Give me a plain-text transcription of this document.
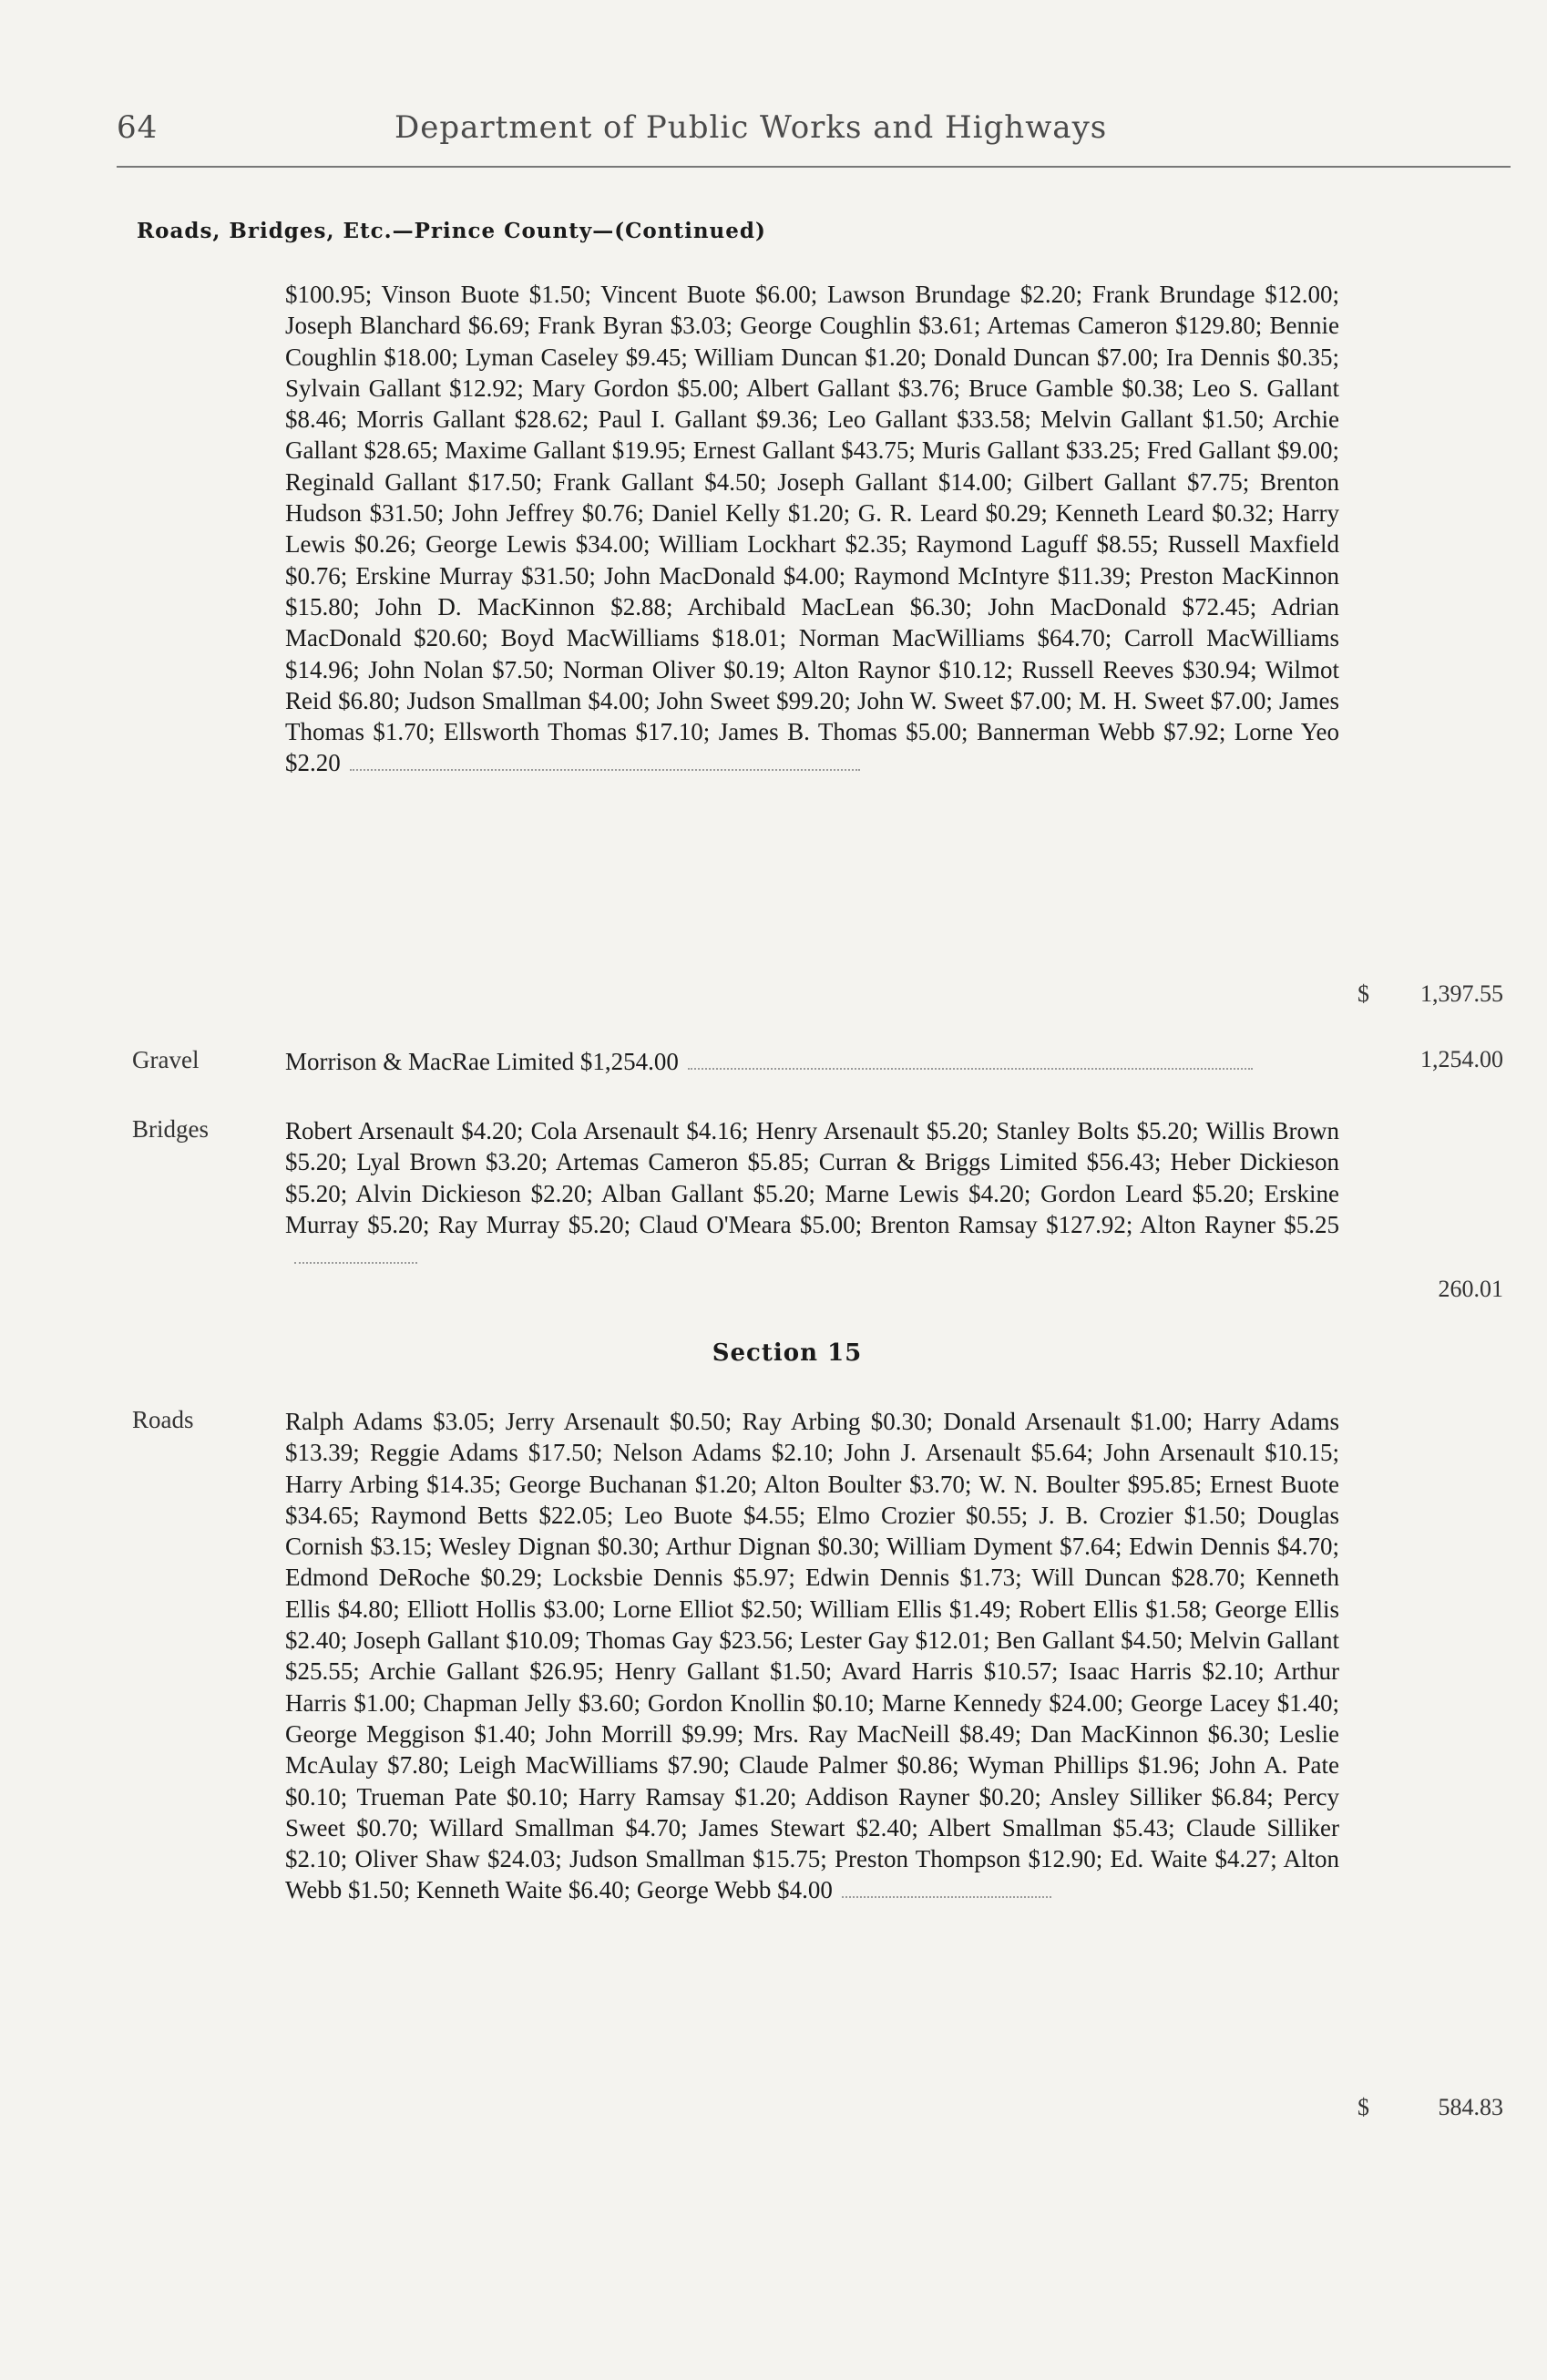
64	Department of Public Works and Highways
Roads, Bridges, Etc.—Prince County—(Continued)
$100.95; Vinson Buote $1.50; Vincent Buote $6.00; Lawson Brundage $2.20; Frank Brundage $12.00; Joseph Blanchard $6.69; Frank Byran $3.03; George Coughlin $3.61; Artemas Cameron $129.80; Bennie Coughlin $18.00; Lyman Caseley $9.45; William Duncan $1.20; Donald Duncan $7.00; Ira Dennis $0.35; Sylvain Gallant $12.92; Mary Gordon $5.00; Albert Gallant $3.76; Bruce Gamble $0.38; Leo S. Gallant $8.46; Morris Gallant $28.62; Paul I. Gallant $9.36; Leo Gallant $33.58; Melvin Gallant $1.50; Archie Gallant $28.65; Maxime Gallant $19.95; Ernest Gallant $43.75; Muris Gallant $33.25; Fred Gallant $9.00; Reginald Gallant $17.50; Frank Gallant $4.50; Joseph Gallant $14.00; Gilbert Gallant $7.75; Brenton Hudson $31.50; John Jeffrey $0.76; Daniel Kelly $1.20; G. R. Leard $0.29; Kenneth Leard $0.32; Harry Lewis $0.26; George Lewis $34.00; William Lockhart $2.35; Raymond Laguff $8.55; Russell Maxfield $0.76; Erskine Murray $31.50; John MacDonald $4.00; Raymond McIntyre $11.39; Preston MacKinnon $15.80; John D. MacKinnon $2.88; Archibald MacLean $6.30; John MacDonald $72.45; Adrian MacDonald $20.60; Boyd MacWilliams $18.01; Norman MacWilliams $64.70; Carroll MacWilliams $14.96; John Nolan $7.50; Norman Oliver $0.19; Alton Raynor $10.12; Russell Reeves $30.94; Wilmot Reid $6.80; Judson Smallman $4.00; John Sweet $99.20; John W. Sweet $7.00; M. H. Sweet $7.00; James Thomas $1.70; Ellsworth Thomas $17.10; James B. Thomas $5.00; Bannerman Webb $7.92; Lorne Yeo $2.20
$ 1,397.55
Gravel	Morrison & MacRae Limited $1,254.00	1,254.00
Bridges	Robert Arsenault $4.20; Cola Arsenault $4.16; Henry Arsenault $5.20; Stanley Bolts $5.20; Willis Brown $5.20; Lyal Brown $3.20; Artemas Cameron $5.85; Curran & Briggs Limited $56.43; Heber Dickieson $5.20; Alvin Dickieson $2.20; Alban Gallant $5.20; Marne Lewis $4.20; Gordon Leard $5.20; Erskine Murray $5.20; Ray Murray $5.20; Claud O'Meara $5.00; Brenton Ramsay $127.92; Alton Rayner $5.25
260.01
Section 15
Roads	Ralph Adams $3.05; Jerry Arsenault $0.50; Ray Arbing $0.30; Donald Arsenault $1.00; Harry Adams $13.39; Reggie Adams $17.50; Nelson Adams $2.10; John J. Arsenault $5.64; John Arsenault $10.15; Harry Arbing $14.35; George Buchanan $1.20; Alton Boulter $3.70; W. N. Boulter $95.85; Ernest Buote $34.65; Raymond Betts $22.05; Leo Buote $4.55; Elmo Crozier $0.55; J. B. Crozier $1.50; Douglas Cornish $3.15; Wesley Dignan $0.30; Arthur Dignan $0.30; William Dyment $7.64; Edwin Dennis $4.70; Edmond DeRoche $0.29; Locksbie Dennis $5.97; Edwin Dennis $1.73; Will Duncan $28.70; Kenneth Ellis $4.80; Elliott Hollis $3.00; Lorne Elliot $2.50; William Ellis $1.49; Robert Ellis $1.58; George Ellis $2.40; Joseph Gallant $10.09; Thomas Gay $23.56; Lester Gay $12.01; Ben Gallant $4.50; Melvin Gallant $25.55; Archie Gallant $26.95; Henry Gallant $1.50; Avard Harris $10.57; Isaac Harris $2.10; Arthur Harris $1.00; Chapman Jelly $3.60; Gordon Knollin $0.10; Marne Kennedy $24.00; George Lacey $1.40; George Meggison $1.40; John Morrill $9.99; Mrs. Ray MacNeill $8.49; Dan MacKinnon $6.30; Leslie McAulay $7.80; Leigh MacWilliams $7.90; Claude Palmer $0.86; Wyman Phillips $1.96; John A. Pate $0.10; Trueman Pate $0.10; Harry Ramsay $1.20; Addison Rayner $0.20; Ansley Silliker $6.84; Percy Sweet $0.70; Willard Smallman $4.70; James Stewart $2.40; Albert Smallman $5.43; Claude Silliker $2.10; Oliver Shaw $24.03; Judson Smallman $15.75; Preston Thompson $12.90; Ed. Waite $4.27; Alton Webb $1.50; Kenneth Waite $6.40; George Webb $4.00
$	584.83
